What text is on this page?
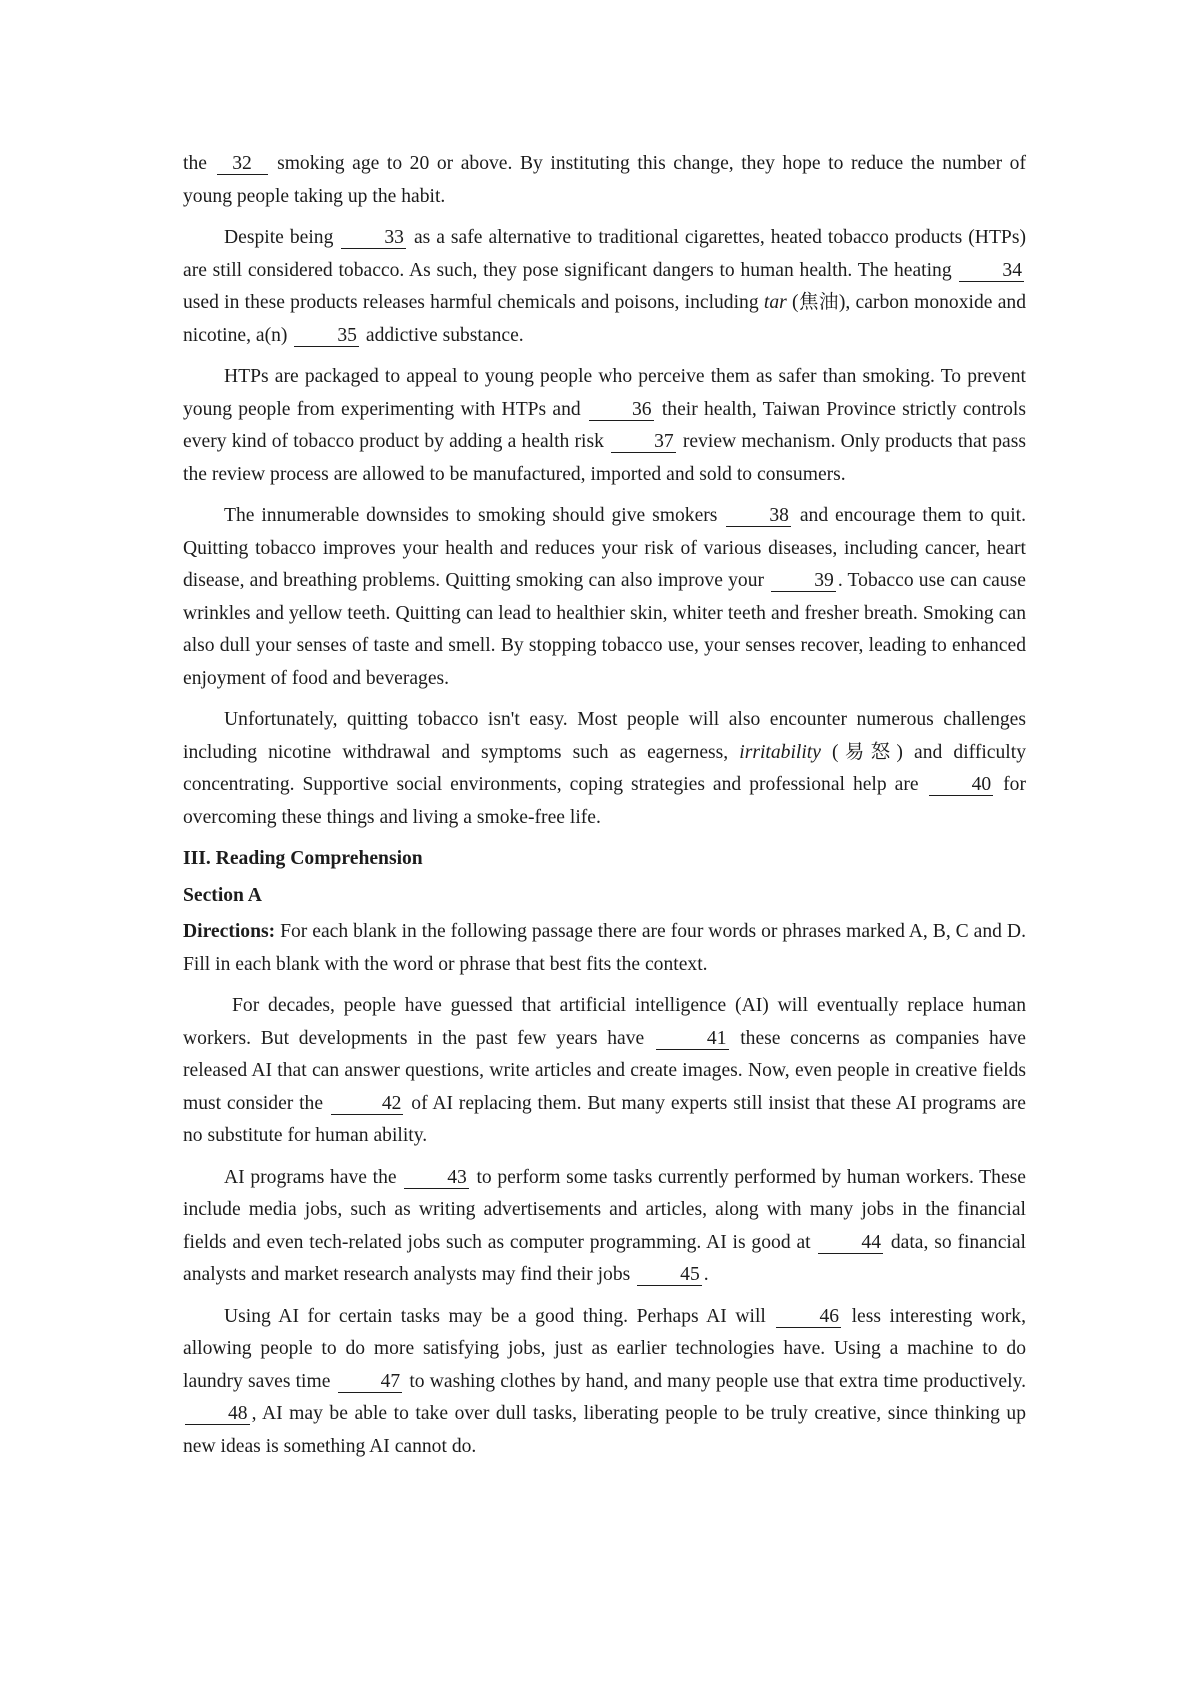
the 32 smoking age to 20 or above. By instituting this change, they hope to reduce the number of young people taking up the habit.

Despite being	33 as a safe alternative to traditional cigarettes, heated tobacco products (HTPs) are still considered tobacco. As such, they pose significant dangers to human health. The heating	34 used in these products releases harmful chemicals and poisons, including tar (焦油), carbon monoxide and nicotine, a(n)	35 addictive substance.

HTPs are packaged to appeal to young people who perceive them as safer than smoking. To prevent young people from experimenting with HTPs and	36 their health, Taiwan Province strictly controls every kind of tobacco product by adding a health risk	37 review mechanism. Only products that pass the review process are allowed to be manufactured, imported and sold to consumers.

The innumerable downsides to smoking should give smokers	38 and encourage them to quit. Quitting tobacco improves your health and reduces your risk of various diseases, including cancer, heart disease, and breathing problems. Quitting smoking can also improve your	39 . Tobacco use can cause wrinkles and yellow teeth. Quitting can lead to healthier skin, whiter teeth and fresher breath. Smoking can also dull your senses of taste and smell. By stopping tobacco use, your senses recover, leading to enhanced enjoyment of food and beverages.

Unfortunately, quitting tobacco isn't easy. Most people will also encounter numerous challenges including nicotine withdrawal and symptoms such as eagerness, irritability (易怒) and difficulty concentrating. Supportive social environments, coping strategies and professional help are	40 for overcoming these things and living a smoke-free life.

III. Reading Comprehension

Section A

Directions: For each blank in the following passage there are four words or phrases marked A, B, C and D. Fill in each blank with the word or phrase that best fits the context.

For decades, people have guessed that artificial intelligence (AI) will eventually replace human workers. But developments in the past few years have	41 these concerns as companies have released AI that can answer questions, write articles and create images. Now, even people in creative fields must consider the	42 of AI replacing them. But many experts still insist that these AI programs are no substitute for human ability.

AI programs have the	43 to perform some tasks currently performed by human workers. These include media jobs, such as writing advertisements and articles, along with many jobs in the financial fields and even tech-related jobs such as computer programming. AI is good at	44 data, so financial analysts and market research analysts may find their jobs	45 .

Using AI for certain tasks may be a good thing. Perhaps AI will	46 less interesting work, allowing people to do more satisfying jobs, just as earlier technologies have. Using a machine to do laundry saves time	47 to washing clothes by hand, and many people use that extra time productively. 48 , AI may be able to take over dull tasks, liberating people to be truly creative, since thinking up new ideas is something AI cannot do.
